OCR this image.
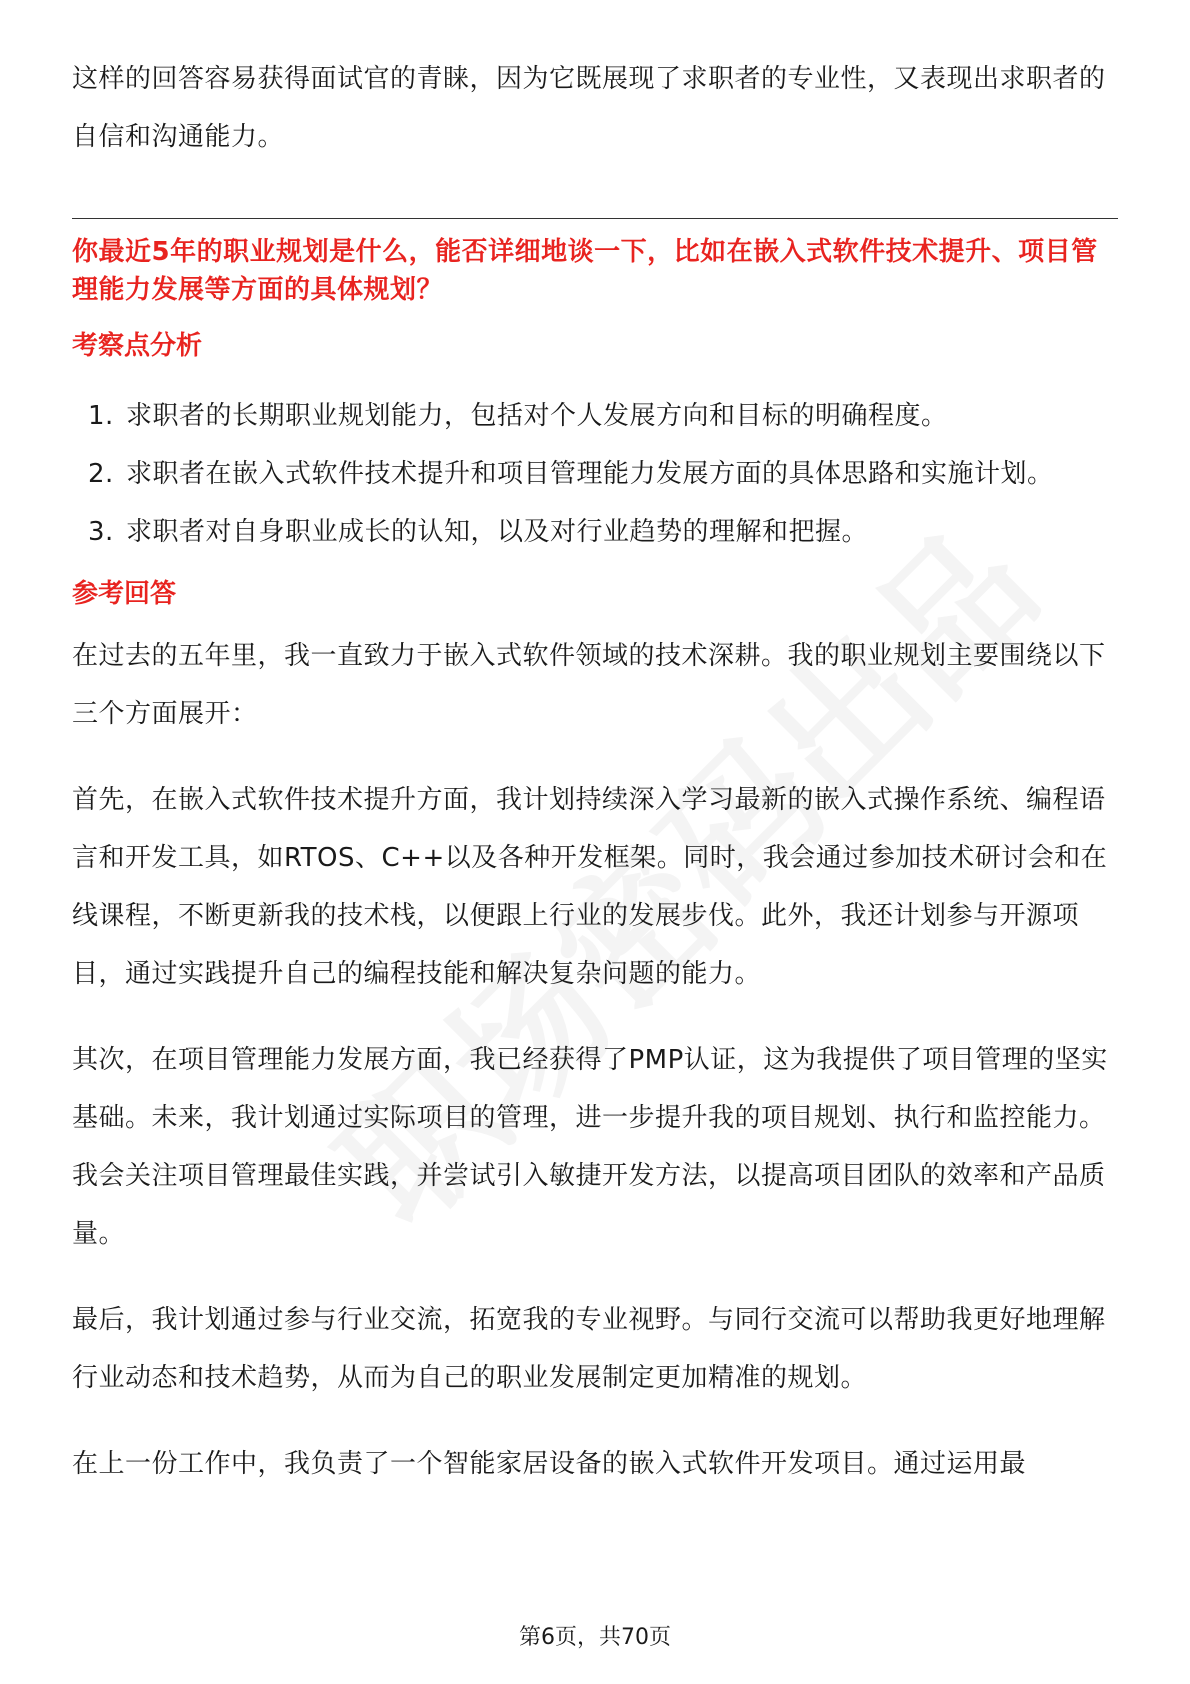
这样的回答容易获得面试官的青睐，因为它既展现了求职者的专业性，又表现出求职者的自信和沟通能力。

你最近5年的职业规划是什么，能否详细地谈一下，比如在嵌入式软件技术提升、项目管理能力发展等方面的具体规划？

考察点分析

1. 求职者的长期职业规划能力，包括对个人发展方向和目标的明确程度。
2. 求职者在嵌入式软件技术提升和项目管理能力发展方面的具体思路和实施计划。
3. 求职者对自身职业成长的认知，以及对行业趋势的理解和把握。

参考回答

在过去的五年里，我一直致力于嵌入式软件领域的技术深耕。我的职业规划主要围绕以下三个方面展开：

首先，在嵌入式软件技术提升方面，我计划持续深入学习最新的嵌入式操作系统、编程语言和开发工具，如RTOS、C++以及各种开发框架。同时，我会通过参加技术研讨会和在线课程，不断更新我的技术栈，以便跟上行业的发展步伐。此外，我还计划参与开源项目，通过实践提升自己的编程技能和解决复杂问题的能力。

其次，在项目管理能力发展方面，我已经获得了PMP认证，这为我提供了项目管理的坚实基础。未来，我计划通过实际项目的管理，进一步提升我的项目规划、执行和监控能力。我会关注项目管理最佳实践，并尝试引入敏捷开发方法，以提高项目团队的效率和产品质量。

最后，我计划通过参与行业交流，拓宽我的专业视野。与同行交流可以帮助我更好地理解行业动态和技术趋势，从而为自己的职业发展制定更加精准的规划。

在上一份工作中，我负责了一个智能家居设备的嵌入式软件开发项目。通过运用最

第6页，共70页
